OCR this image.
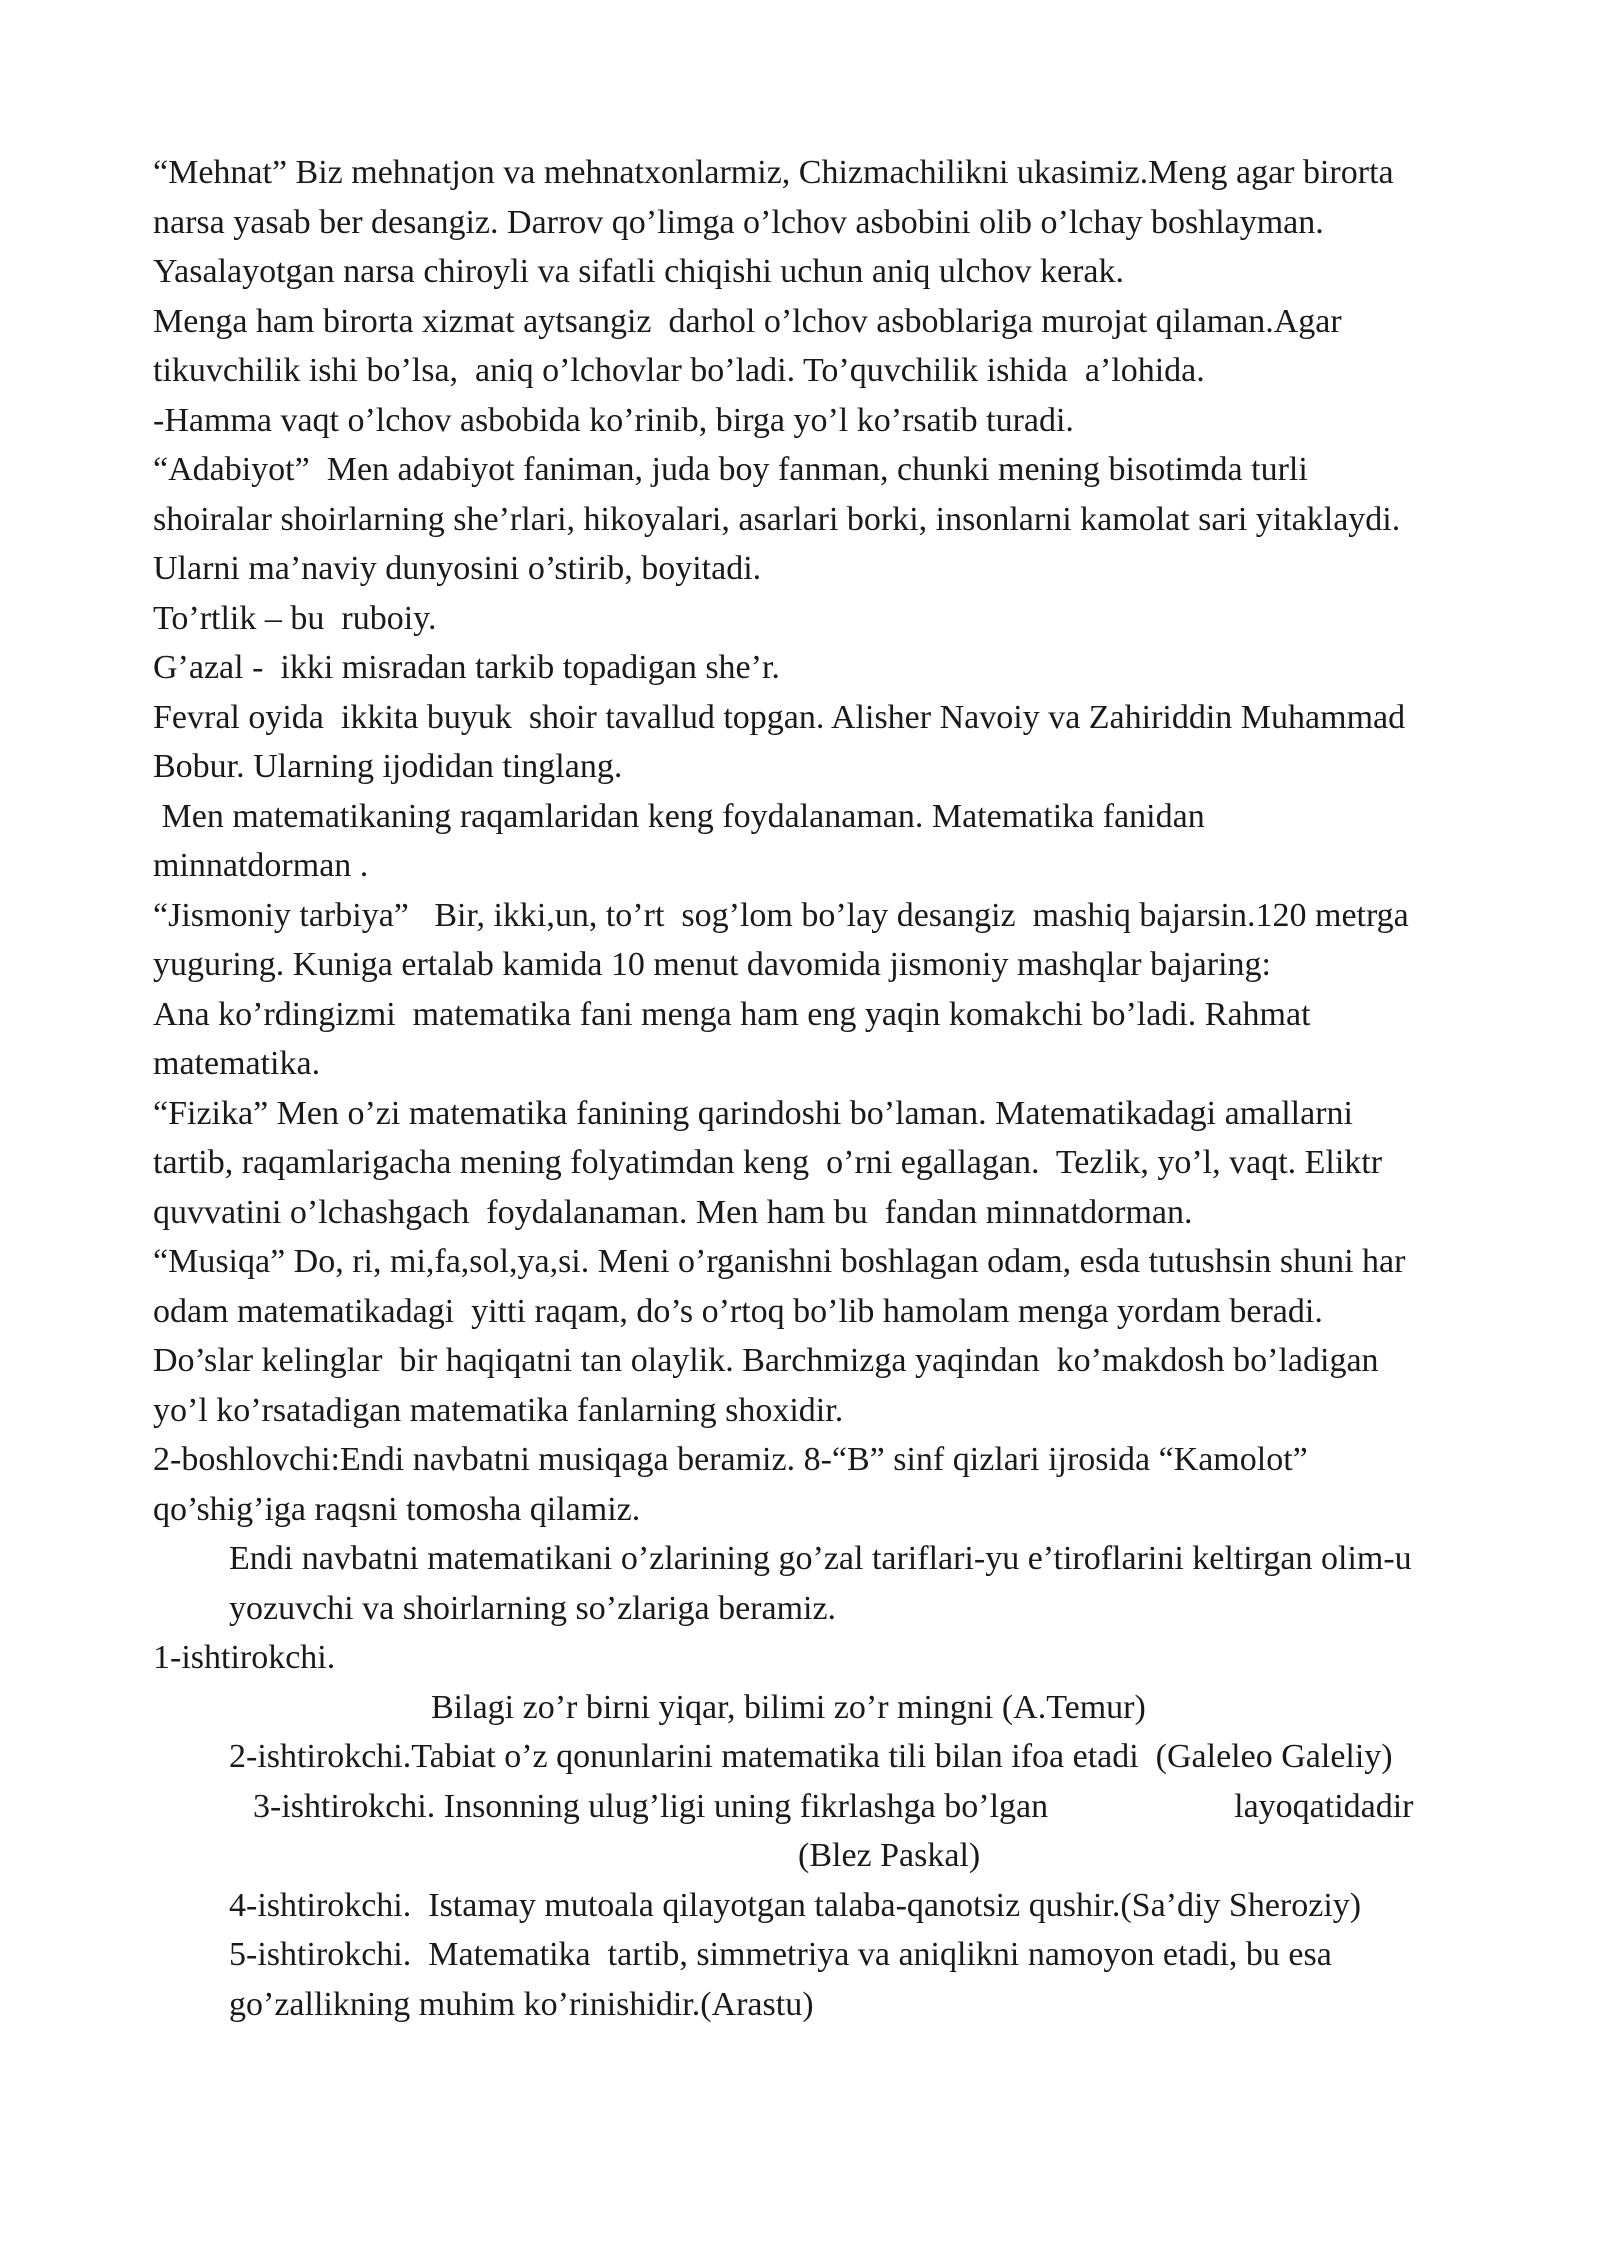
“Mehnat” Biz mehnatjon va mehnatxonlarmiz, Chizmachilikni ukasimiz.Meng agar birorta
narsa yasab ber desangiz. Darrov qo’limga o’lchov asbobini olib o’lchay boshlayman.
Yasalayotgan narsa chiroyli va sifatli chiqishi uchun aniq ulchov kerak.
Menga ham birorta xizmat aytsangiz  darhol o’lchov asboblariga murojat qilaman.Agar
tikuvchilik ishi bo’lsa,  aniq o’lchovlar bo’ladi. To’quvchilik ishida  a’lohida.
-Hamma vaqt o’lchov asbobida ko’rinib, birga yo’l ko’rsatib turadi.
“Adabiyot”  Men adabiyot faniman, juda boy fanman, chunki mening bisotimda turli
shoiralar shoirlarning she’rlari, hikoyalari, asarlari borki, insonlarni kamolat sari yitaklaydi.
Ularni ma’naviy dunyosini o’stirib, boyitadi.
To’rtlik – bu  ruboiy.
G’azal -  ikki misradan tarkib topadigan she’r.
Fevral oyida  ikkita buyuk  shoir tavallud topgan. Alisher Navoiy va Zahiriddin Muhammad
Bobur. Ularning ijodidan tinglang.
Men matematikaning raqamlaridan keng foydalanaman. Matematika fanidan
minnatdorman .
“Jismoniy tarbiya”   Bir, ikki,un, to’rt  sog’lom bo’lay desangiz  mashiq bajarsin.120 metrga
yuguring. Kuniga ertalab kamida 10 menut davomida jismoniy mashqlar bajaring:
Ana ko’rdingizmi  matematika fani menga ham eng yaqin komakchi bo’ladi. Rahmat
matematika.
“Fizika” Men o’zi matematika fanining qarindoshi bo’laman. Matematikadagi amallarni
tartib, raqamlarigacha mening folyatimdan keng  o’rni egallagan.  Tezlik, yo’l, vaqt. Eliktr
quvvatini o’lchashgach  foydalanaman. Men ham bu  fandan minnatdorman.
“Musiqa” Do, ri, mi,fa,sol,ya,si. Meni o’rganishni boshlagan odam, esda tutushsin shuni har
odam matematikadagi  yitti raqam, do’s o’rtoq bo’lib hamolam menga yordam beradi.
Do’slar kelinglar  bir haqiqatni tan olaylik. Barchmizga yaqindan  ko’makdosh bo’ladigan
yo’l ko’rsatadigan matematika fanlarning shoxidir.
2-boshlovchi:Endi navbatni musiqaga beramiz. 8-“B” sinf qizlari ijrosida “Kamolot”
qo’shig’iga raqsni tomosha qilamiz.
Endi navbatni matematikani o’zlarining go’zal tariflari-yu e’tiroflarini keltirgan olim-u
yozuvchi va shoirlarning so’zlariga beramiz.
1-ishtirokchi.
Bilagi zo’r birni yiqar, bilimi zo’r mingni (A.Temur)
2-ishtirokchi.Tabiat o’z qonunlarini matematika tili bilan ifoa etadi  (Galeleo Galeliy)
3-ishtirokchi. Insonning ulug’ligi uning fikrlashga bo’lgan	layoqatidadir
(Blez Paskal)
4-ishtirokchi.  Istamay mutoala qilayotgan talaba-qanotsiz qushir.(Sa’diy Sheroziy)
5-ishtirokchi.  Matematika  tartib, simmetriya va aniqlikni namoyon etadi, bu esa
go’zallikning muhim ko’rinishidir.(Arastu)
